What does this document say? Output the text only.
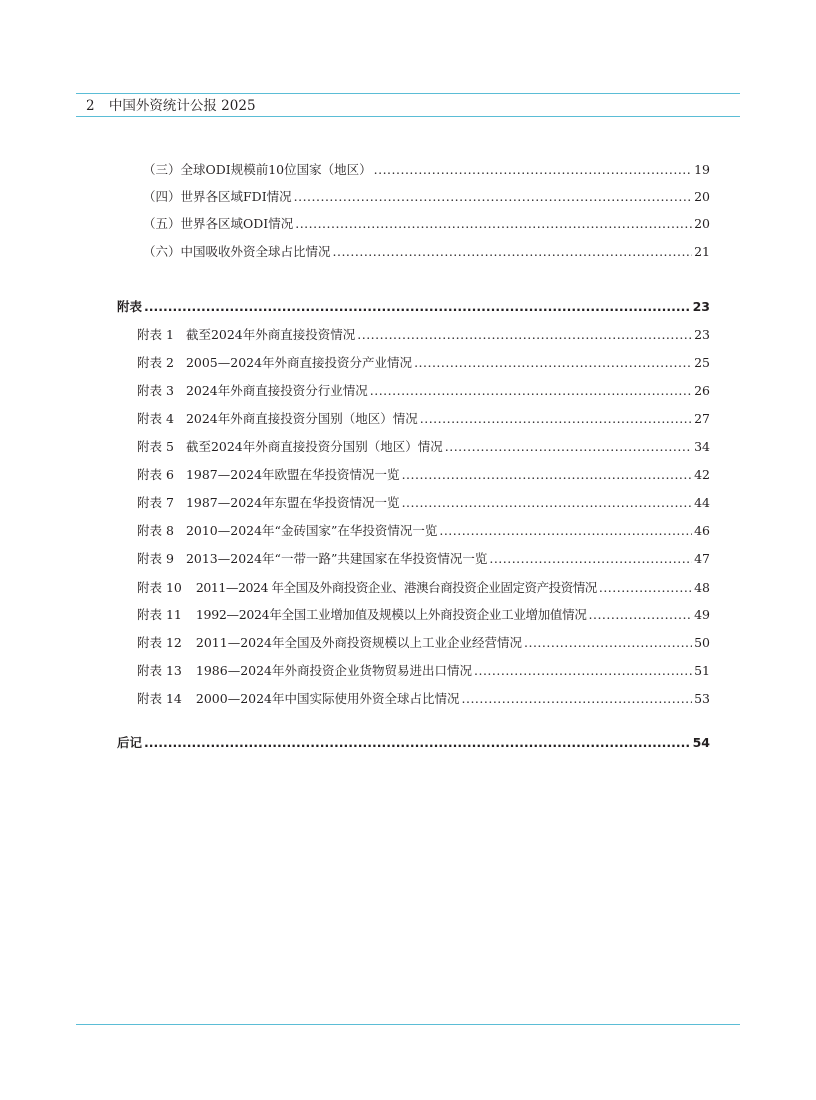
2 中国外资统计公报 2025
（三）全球ODI规模前10位国家（地区） .....	19
（四）世界各区域FDI情况 .....	20
（五）世界各区域ODI情况 .....	20
（六）中国吸收外资全球占比情况 .....	21
附表 .....	23
附表 1 截至2024年外商直接投资情况 .....	23
附表 2 2005—2024年外商直接投资分产业情况 .....	25
附表 3 2024年外商直接投资分行业情况 .....	26
附表 4 2024年外商直接投资分国别（地区）情况 .....	27
附表 5 截至2024年外商直接投资分国别（地区）情况 .....	34
附表 6 1987—2024年欧盟在华投资情况一览 .....	42
附表 7 1987—2024年东盟在华投资情况一览 .....	44
附表 8 2010—2024年“金砖国家”在华投资情况一览 .....	46
附表 9 2013—2024年“一带一路”共建国家在华投资情况一览 .....	47
附表 10 2011—2024 年全国及外商投资企业、港澳台商投资企业固定资产投资情况 .....	48
附表 11 1992—2024年全国工业增加值及规模以上外商投资企业工业增加值情况 .....	49
附表 12 2011—2024年全国及外商投资规模以上工业企业经营情况 .....	50
附表 13 1986—2024年外商投资企业货物贸易进出口情况 .....	51
附表 14 2000—2024年中国实际使用外资全球占比情况 .....	53
后记 .....	54
